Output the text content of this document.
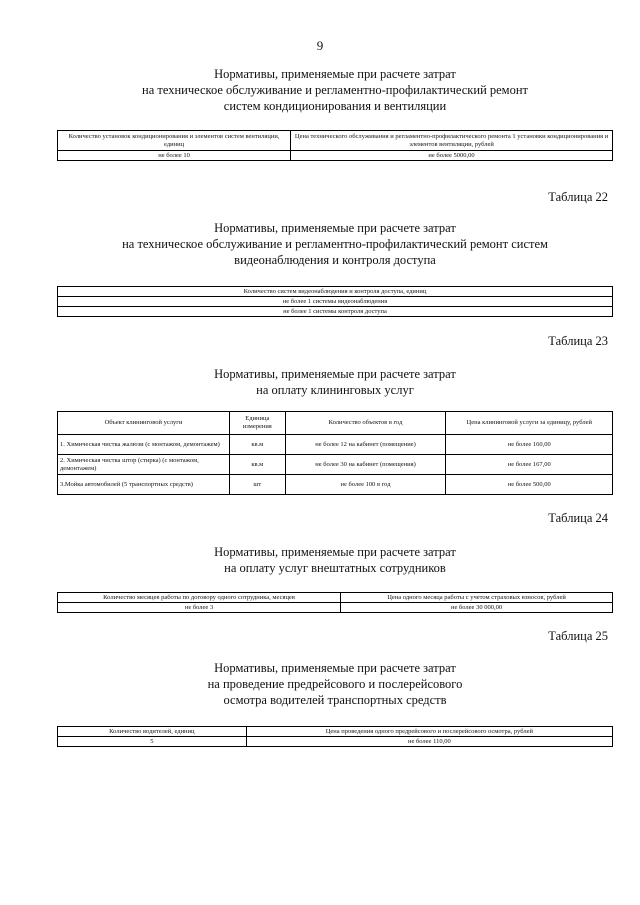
9
Нормативы, применяемые при расчете затрат
на техническое обслуживание и регламентно-профилактический ремонт
систем кондиционирования и вентиляции
Количество установок кондиционирования и элементов систем вентиляции, единиц	Цена технического обслуживания и регламентно-профилактического ремонта 1 установки кондиционирования и элементов вентиляции, рублей
не более 10	не более 5000,00
Таблица 22
Нормативы, применяемые при расчете затрат
на техническое обслуживание и регламентно-профилактический ремонт систем
видеонаблюдения и контроля доступа
Количество систем видеонаблюдения и контроля доступа, единиц
не более 1 системы видеонаблюдения
не более 1 системы контроля доступа
Таблица 23
Нормативы, применяемые при расчете затрат
на оплату клининговых услуг
Объект клининговой услуги	Единица измерения	Количество объектов в год	Цена клининговой услуги за единицу, рублей
1. Химическая чистка жалюзи (с монтажом, демонтажем)	кв.м	не более 12 на кабинет (помещение)	не более 160,00
2. Химическая чистка штор (стирка) (с монтажом, демонтажем)	кв.м	не более 30 на кабинет (помещения)	не более 167,00
3.Мойка автомобилей (5 транспортных средств)	шт	не более 100 в год	не более 500,00
Таблица 24
Нормативы, применяемые при расчете затрат
на оплату услуг внештатных сотрудников
Количество месяцев работы по договору одного сотрудника, месяцев	Цена одного месяца работы с учетом страховых взносов, рублей
не более 3	не более 30 000,00
Таблица 25
Нормативы, применяемые при расчете затрат
на проведение предрейсового и послерейсового
осмотра водителей транспортных средств
Количество водителей, единиц	Цена проведения одного предрейсового и послерейсового осмотра, рублей
5	не более 110,00
